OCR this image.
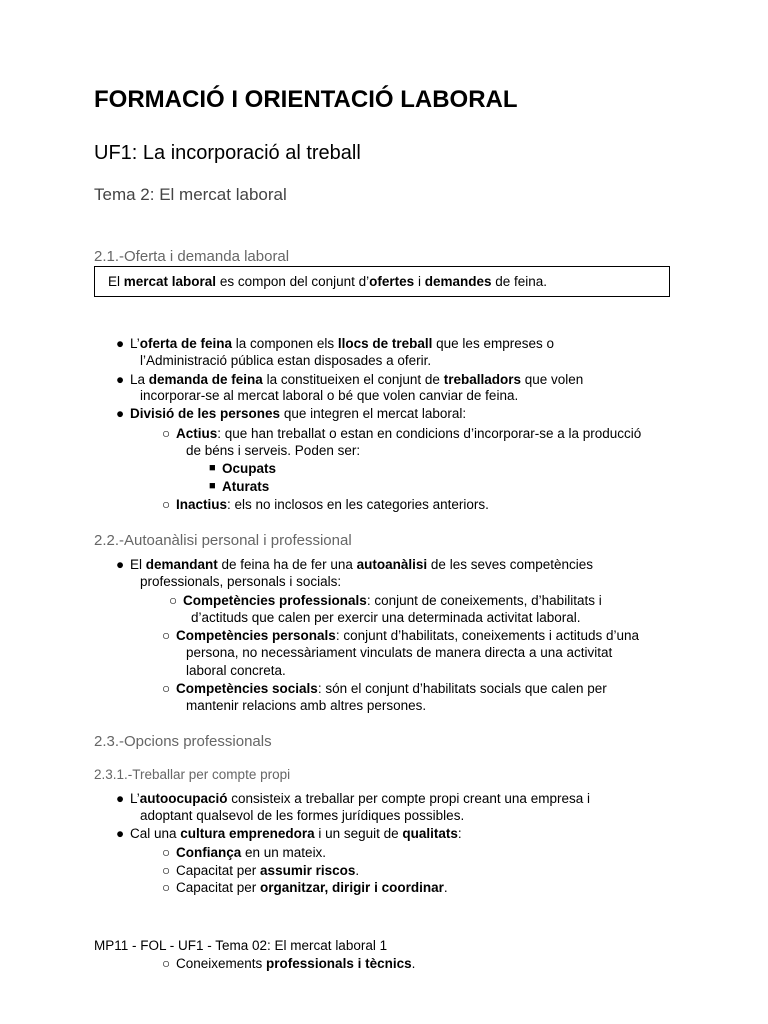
FORMACIÓ I ORIENTACIÓ LABORAL
UF1: La incorporació al treball
Tema 2: El mercat laboral
2.1.-Oferta i demanda laboral
El mercat laboral es compon del conjunt d’ofertes i demandes de feina.
● L’oferta de feina la componen els llocs de treball que les empreses o
l’Administració pública estan disposades a oferir.
● La demanda de feina la constitueixen el conjunt de treballadors que volen
incorporar-se al mercat laboral o bé que volen canviar de feina.
● Divisió de les persones que integren el mercat laboral:
○ Actius: que han treballat o estan en condicions d’incorporar-se a la producció
de béns i serveis. Poden ser:
■ Ocupats
■ Aturats
○ Inactius: els no inclosos en les categories anteriors.
2.2.-Autoanàlisi personal i professional
● El demandant de feina ha de fer una autoanàlisi de les seves competències
professionals, personals i socials:
○ Competències professionals: conjunt de coneixements, d’habilitats i
d’actituds que calen per exercir una determinada activitat laboral.
○ Competències personals: conjunt d’habilitats, coneixements i actituds d’una
persona, no necessàriament vinculats de manera directa a una activitat
laboral concreta.
○ Competències socials: són el conjunt d’habilitats socials que calen per
mantenir relacions amb altres persones.
2.3.-Opcions professionals
2.3.1.-Treballar per compte propi
● L’autoocupació consisteix a treballar per compte propi creant una empresa i
adoptant qualsevol de les formes jurídiques possibles.
● Cal una cultura emprenedora i un seguit de qualitats:
○ Confiança en un mateix.
○ Capacitat per assumir riscos.
○ Capacitat per organitzar, dirigir i coordinar.
MP11 - FOL - UF1 - Tema 02: El mercat laboral 1
○ Coneixements professionals i tècnics.
